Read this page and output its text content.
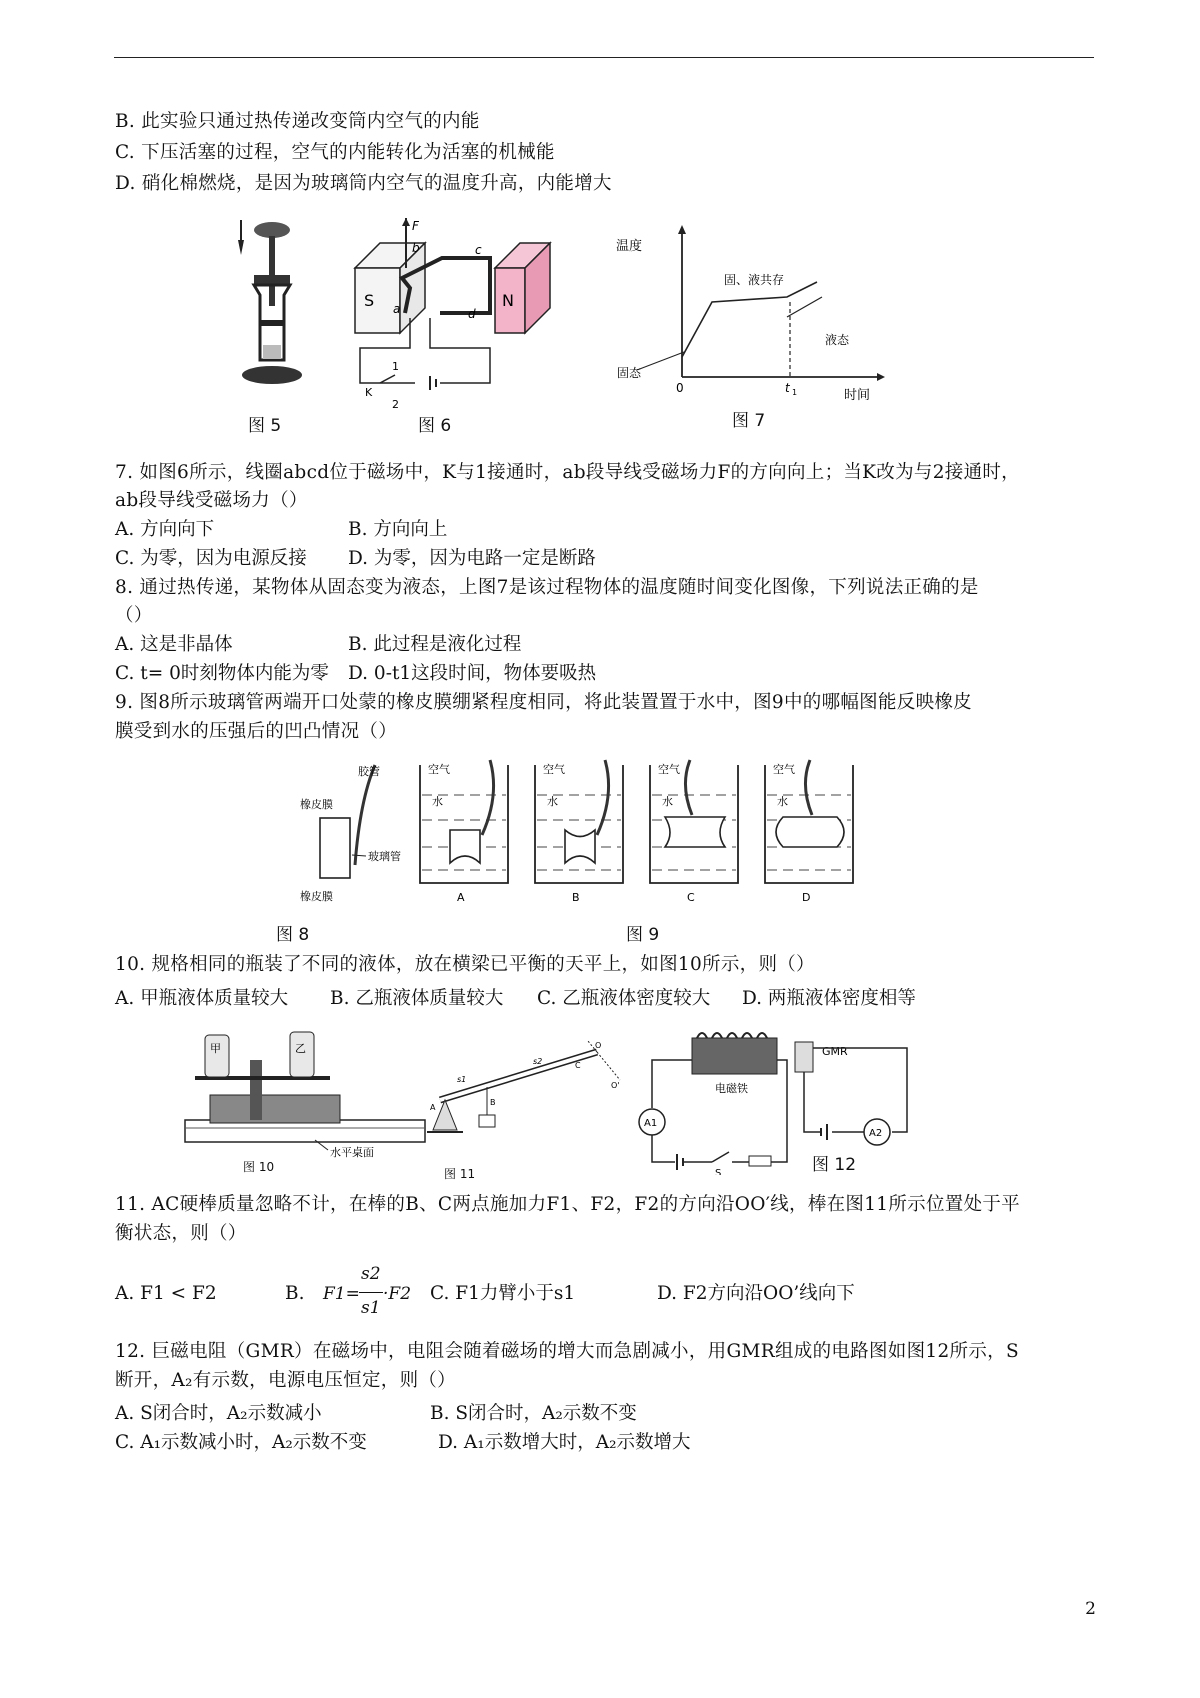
B. 此实验只通过热传递改变筒内空气的内能
C. 下压活塞的过程，空气的内能转化为活塞的机械能
D. 硝化棉燃烧，是因为玻璃筒内空气的温度升高，内能增大
图 5
S	N
F
a
b	c
d
1
2
K
图 6
温度
时间
固、液共存
液态
固态
0	t 1
图 7
7. 如图6所示，线圈abcd位于磁场中，K与1接通时，ab段导线受磁场力F的方向向上；当K改为与2接通时，
ab段导线受磁场力（）
A. 方向向下	B. 方向向上
C. 为零，因为电源反接 D. 为零，因为电路一定是断路
8. 通过热传递，某物体从固态变为液态，上图7是该过程物体的温度随时间变化图像，下列说法正确的是
（）
A. 这是非晶体	B. 此过程是液化过程
C. t= 0时刻物体内能为零 D. 0-t1这段时间，物体要吸热
9. 图8所示玻璃管两端开口处蒙的橡皮膜绷紧程度相同，将此装置置于水中，图9中的哪幅图能反映橡皮
膜受到水的压强后的凹凸情况（）
胶管
橡皮膜
玻璃管
橡皮膜
图 8
空气
水
空气
水
空气
水
空气
水
A	B	C	D
图 9
10. 规格相同的瓶装了不同的液体，放在横梁已平衡的天平上，如图10所示，则（）
A. 甲瓶液体质量较大 B. 乙瓶液体质量较大 C. 乙瓶液体密度较大 D. 两瓶液体密度相等
甲	乙
水平桌面
图 10
A
B
C
O
O'
s1
s2
图 11
电磁铁
GMR
A2
A1
S	图 12
11. AC硬棒质量忽略不计，在棒的B、C两点施加力F1、F2，F2的方向沿OO′线，棒在图11所示位置处于平
衡状态，则（）
A. F1 < F2	B. F1=
s2
s1
·F2 C. F1力臂小于s1	D. F2方向沿OO’线向下
12. 巨磁电阻（GMR）在磁场中，电阻会随着磁场的增大而急剧减小，用GMR组成的电路图如图12所示，S
断开，A₂有示数，电源电压恒定，则（）
A. S闭合时，A₂示数减小	B. S闭合时，A₂示数不变
C. A₁示数减小时，A₂示数不变	D. A₁示数增大时，A₂示数增大
2
